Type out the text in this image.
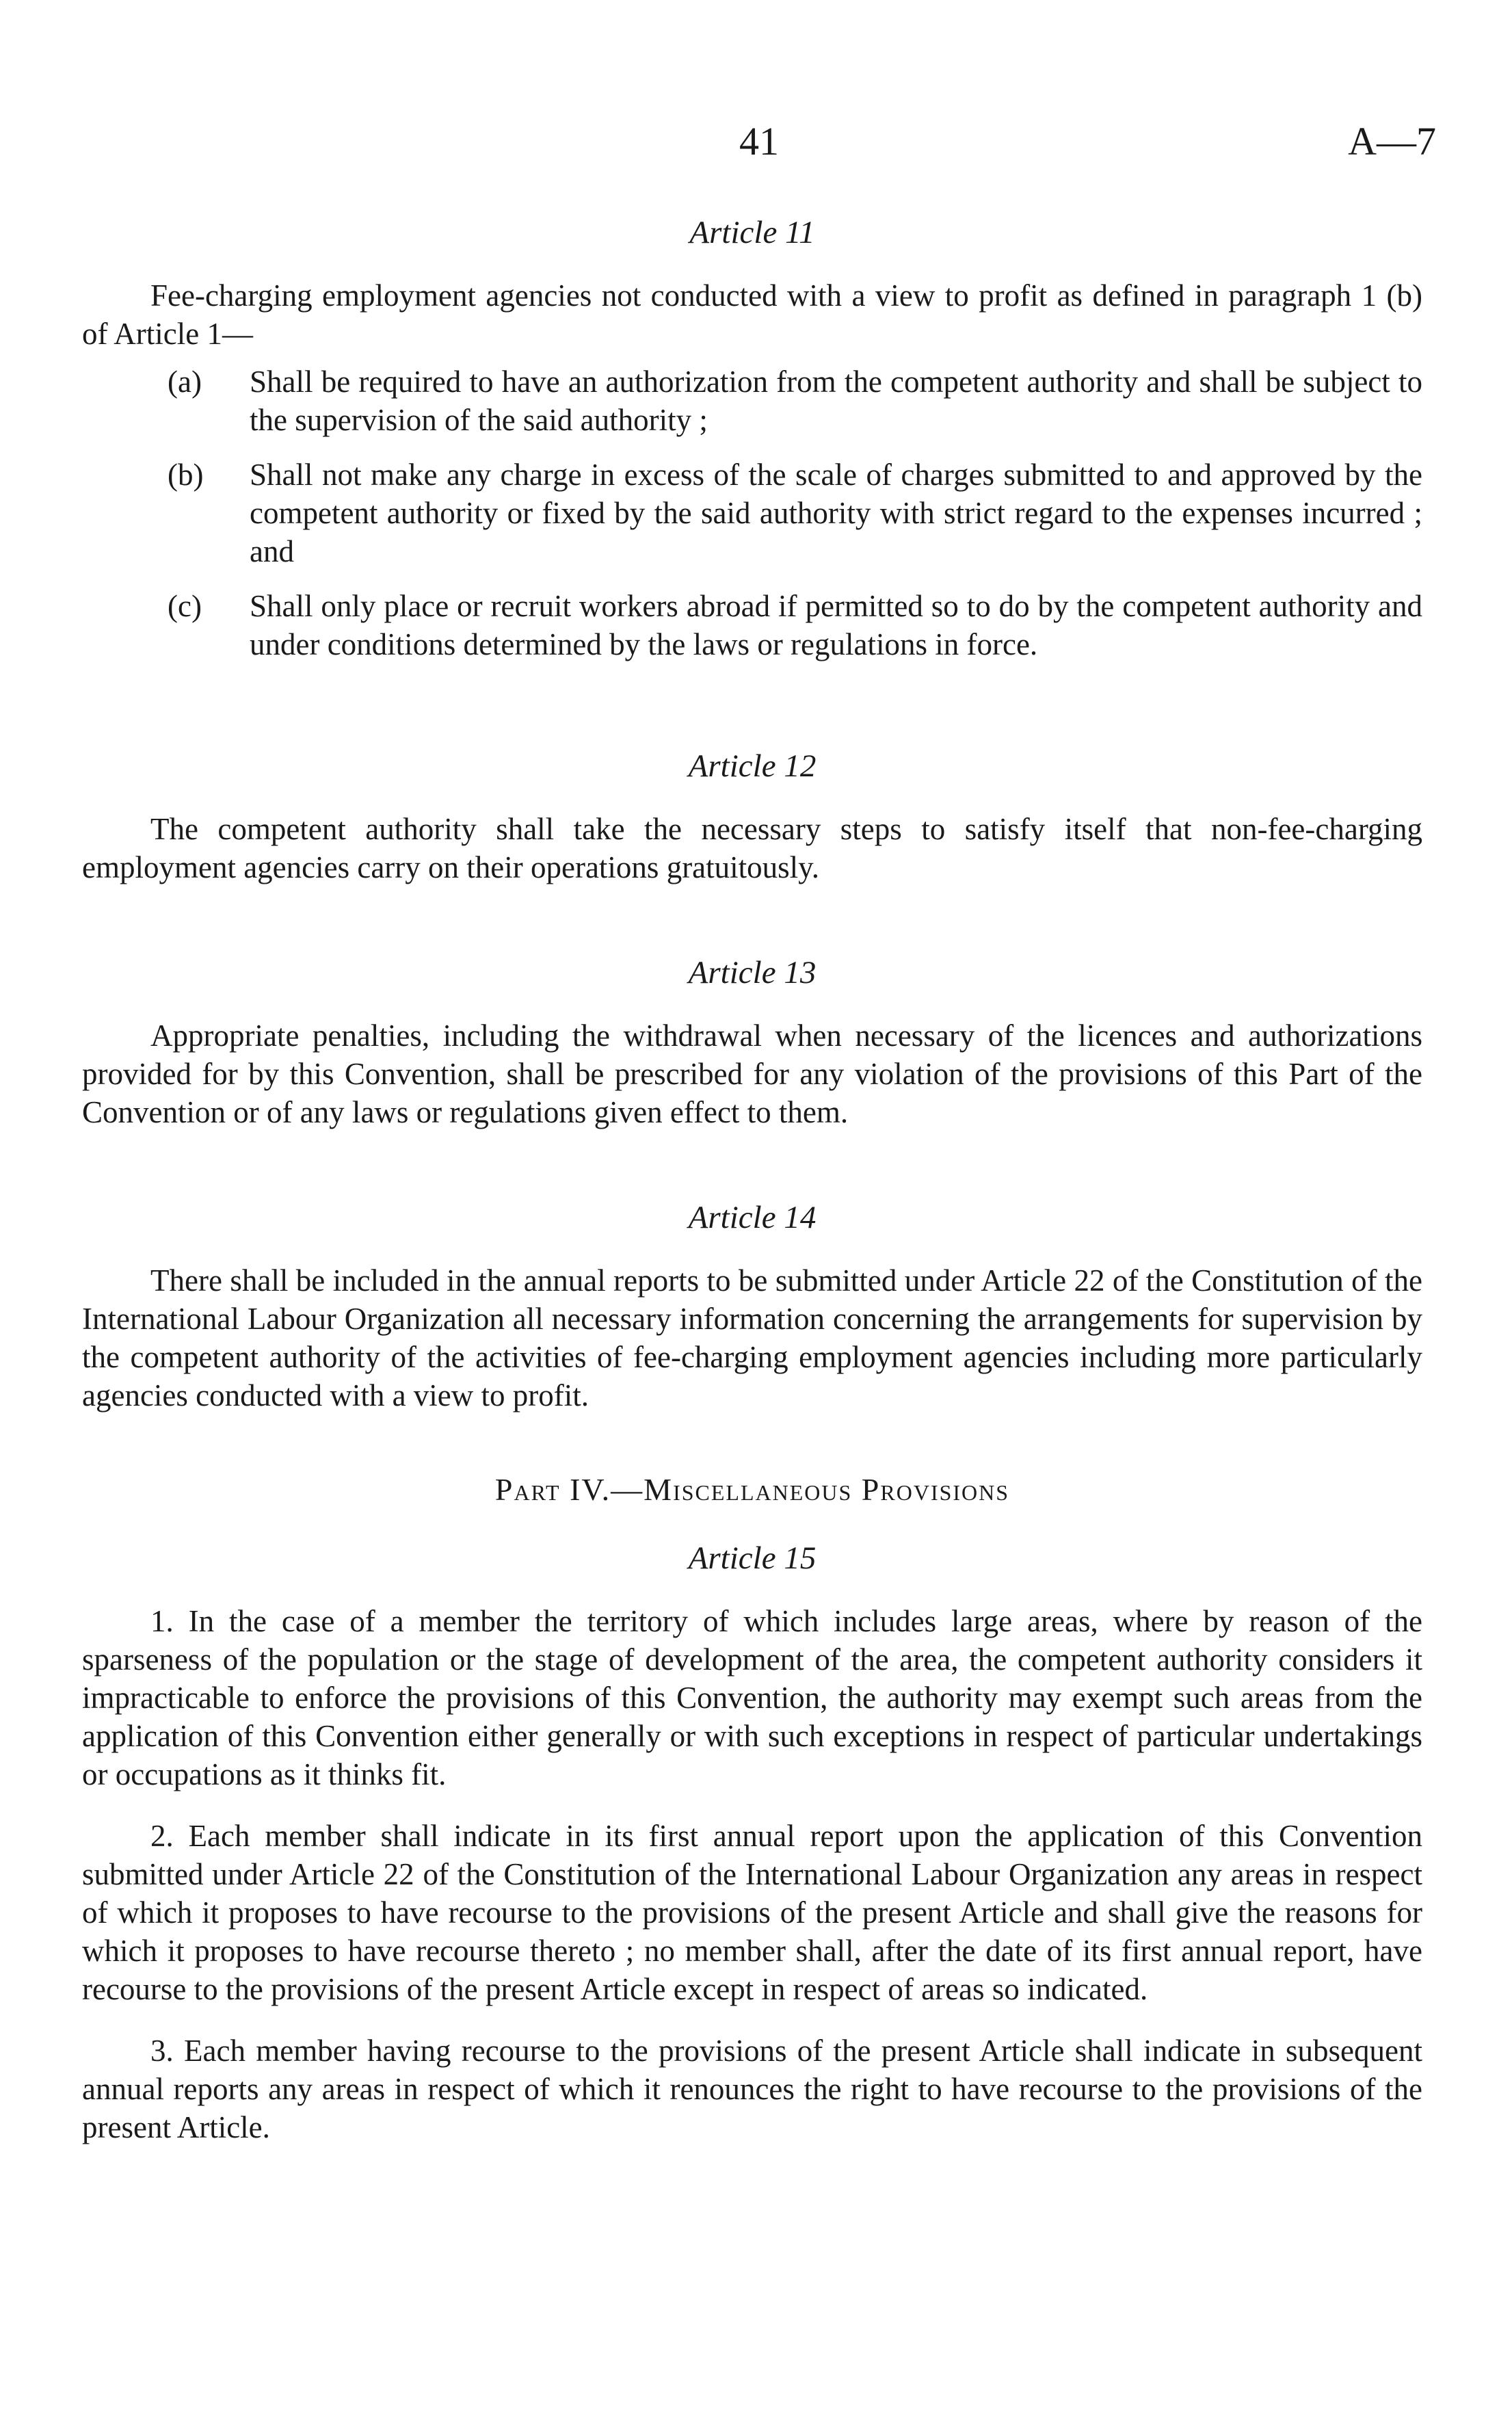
41	A—7
Article 11

Fee-charging employment agencies not conducted with a view to profit as defined in paragraph 1 (b) of Article 1—

(a) Shall be required to have an authorization from the competent authority and shall be subject to the supervision of the said authority ;
(b) Shall not make any charge in excess of the scale of charges submitted to and approved by the competent authority or fixed by the said authority with strict regard to the expenses incurred ; and
(c) Shall only place or recruit workers abroad if permitted so to do by the competent authority and under conditions determined by the laws or regulations in force.
Article 12

The competent authority shall take the necessary steps to satisfy itself that non-fee-charging employment agencies carry on their operations gratuitously.

Article 13

Appropriate penalties, including the withdrawal when necessary of the licences and authorizations provided for by this Convention, shall be prescribed for any violation of the provisions of this Part of the Convention or of any laws or regulations given effect to them.

Article 14

There shall be included in the annual reports to be submitted under Article 22 of the Constitution of the International Labour Organization all necessary information concerning the arrangements for supervision by the competent authority of the activities of fee-charging employment agencies including more particularly agencies conducted with a view to profit.

Part IV.—Miscellaneous Provisions
Article 15

1. In the case of a member the territory of which includes large areas, where by reason of the sparseness of the population or the stage of development of the area, the competent authority considers it impracticable to enforce the provisions of this Convention, the authority may exempt such areas from the application of this Convention either generally or with such exceptions in respect of particular undertakings or occupations as it thinks fit.

2. Each member shall indicate in its first annual report upon the application of this Convention submitted under Article 22 of the Constitution of the International Labour Organization any areas in respect of which it proposes to have recourse to the provisions of the present Article and shall give the reasons for which it proposes to have recourse thereto ; no member shall, after the date of its first annual report, have recourse to the provisions of the present Article except in respect of areas so indicated.

3. Each member having recourse to the provisions of the present Article shall indicate in subsequent annual reports any areas in respect of which it renounces the right to have recourse to the provisions of the present Article.
